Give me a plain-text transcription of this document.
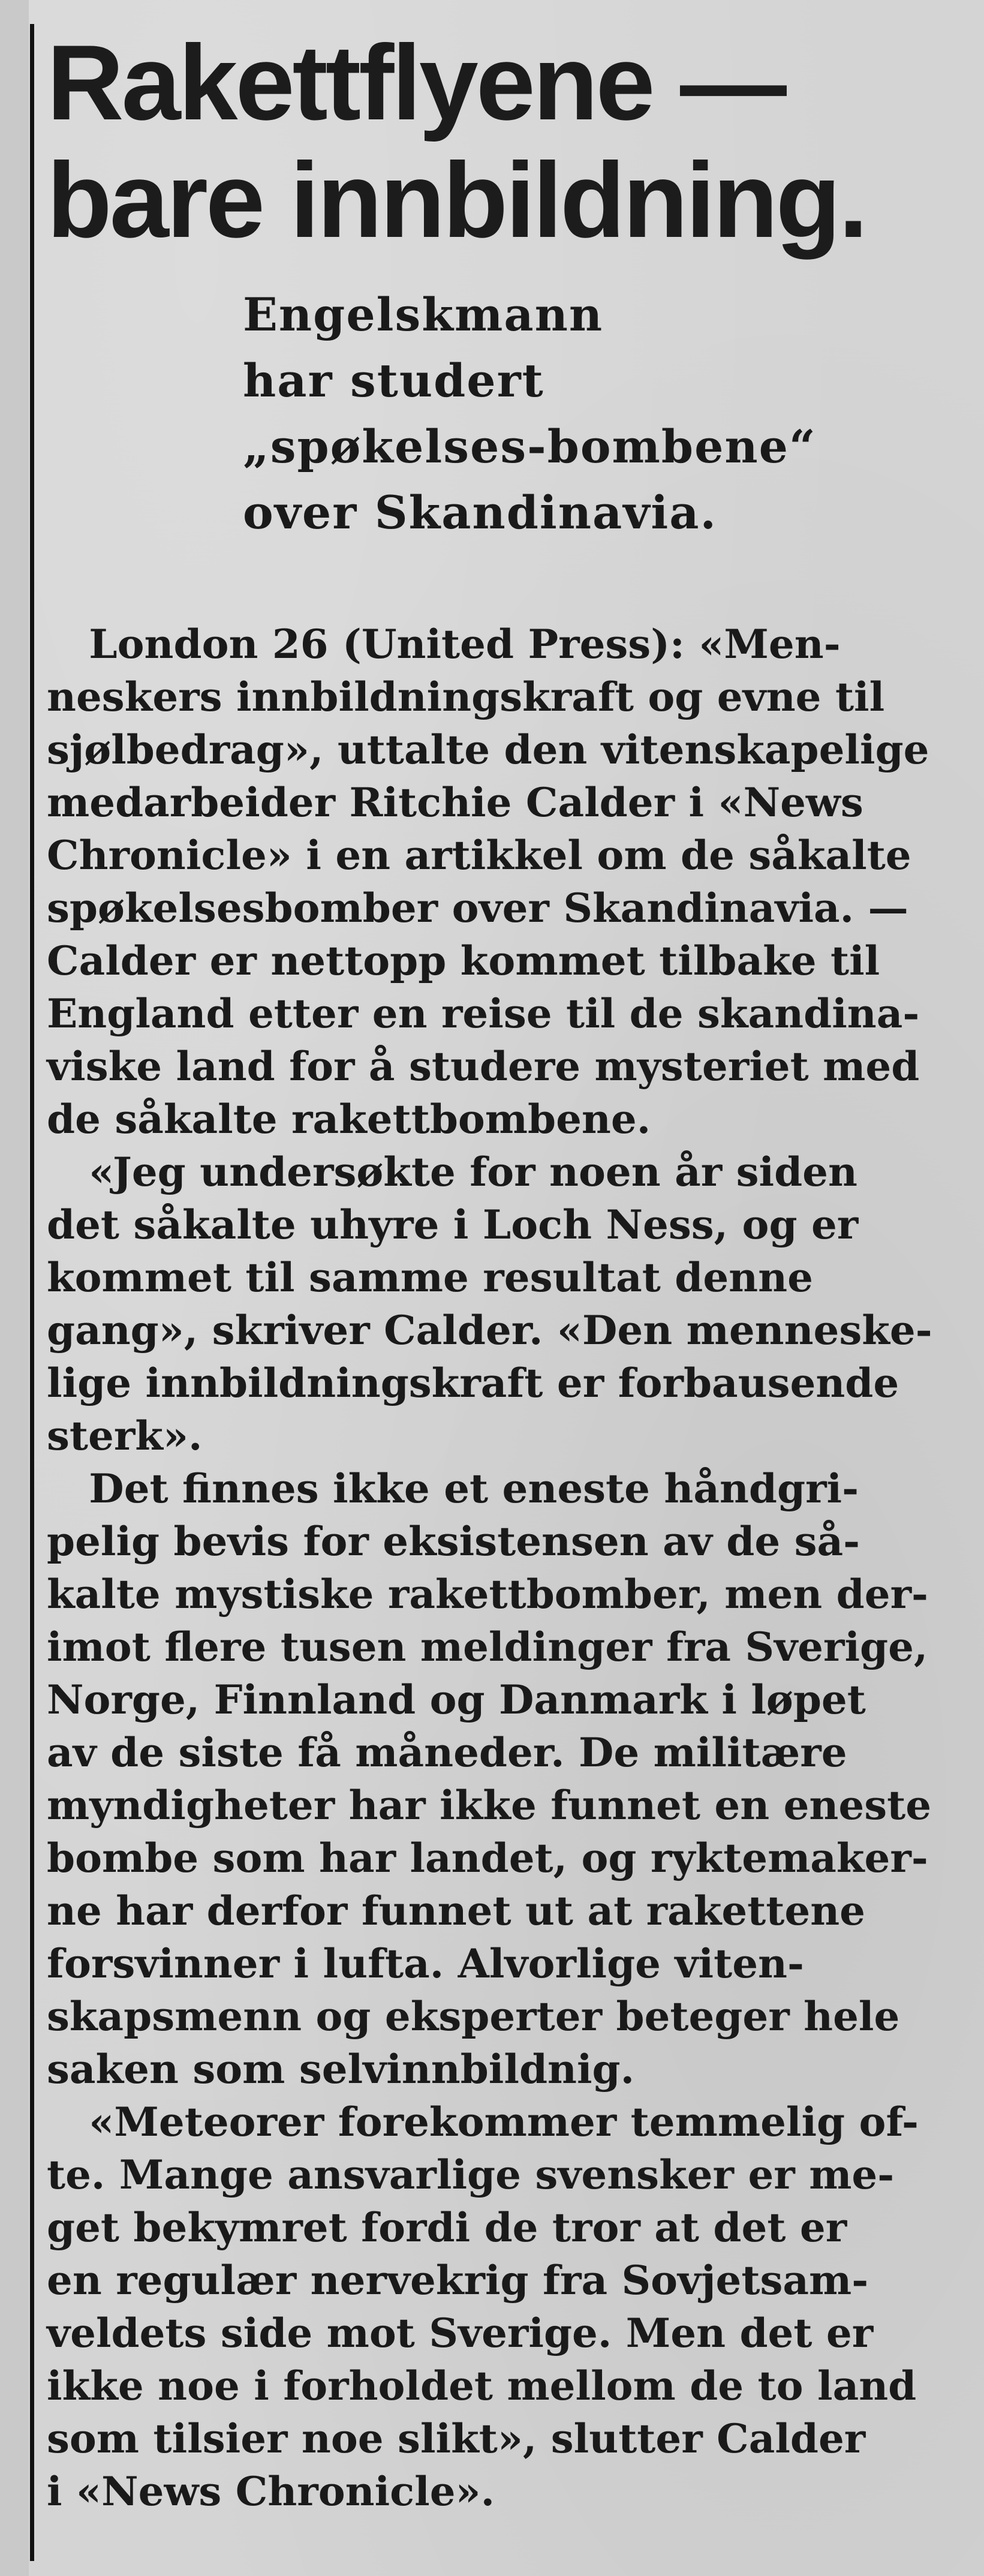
Rakettflyene —
bare innbildning.
Engelskmann
har studert
„spøkelses-bombene“
over Skandinavia.

London 26 (United Press): «Men-
neskers innbildningskraft og evne til
sjølbedrag», uttalte den vitenskapelige
medarbeider Ritchie Calder i «News
Chronicle» i en artikkel om de såkalte
spøkelsesbomber over Skandinavia. —
Calder er nettopp kommet tilbake til
England etter en reise til de skandina-
viske land for å studere mysteriet med
de såkalte rakettbombene.

«Jeg undersøkte for noen år siden
det såkalte uhyre i Loch Ness, og er
kommet til samme resultat denne
gang», skriver Calder. «Den menneske-
lige innbildningskraft er forbausende
sterk».

Det finnes ikke et eneste håndgri-
pelig bevis for eksistensen av de så-
kalte mystiske rakettbomber, men der-
imot flere tusen meldinger fra Sverige,
Norge, Finnland og Danmark i løpet
av de siste få måneder. De militære
myndigheter har ikke funnet en eneste
bombe som har landet, og ryktemaker-
ne har derfor funnet ut at rakettene
forsvinner i lufta. Alvorlige viten-
skapsmenn og eksperter beteger hele
saken som selvinnbildnig.

«Meteorer forekommer temmelig of-
te. Mange ansvarlige svensker er me-
get bekymret fordi de tror at det er
en regulær nervekrig fra Sovjetsam-
veldets side mot Sverige. Men det er
ikke noe i forholdet mellom de to land
som tilsier noe slikt», slutter Calder
i «News Chronicle».
